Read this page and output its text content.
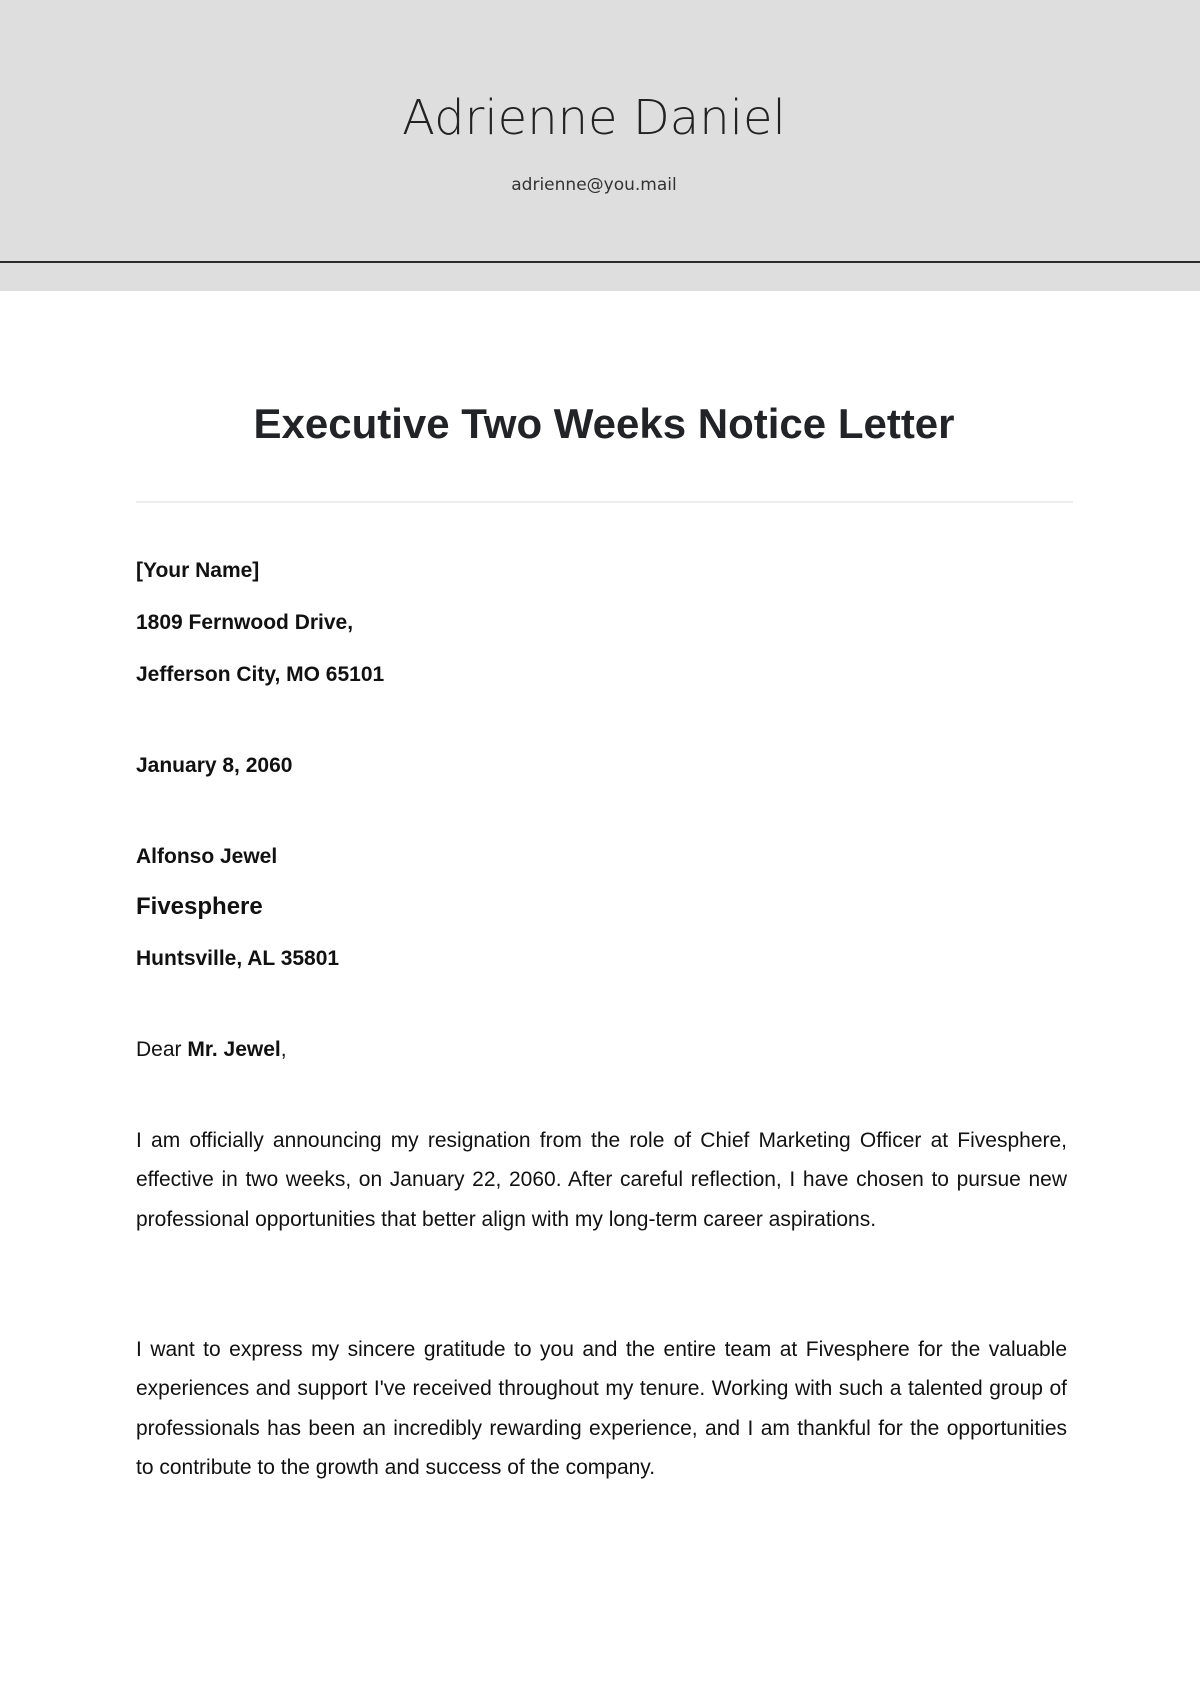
Adrienne Daniel
adrienne@you.mail
Executive Two Weeks Notice Letter
[Your Name]
1809 Fernwood Drive,
Jefferson City, MO 65101
January 8, 2060
Alfonso Jewel
Fivesphere
Huntsville, AL 35801
Dear Mr. Jewel,

I am officially announcing my resignation from the role of Chief Marketing Officer at Fivesphere, effective in two weeks, on January 22, 2060. After careful reflection, I have chosen to pursue new professional opportunities that better align with my long-term career aspirations.

I want to express my sincere gratitude to you and the entire team at Fivesphere for the valuable experiences and support I've received throughout my tenure. Working with such a talented group of professionals has been an incredibly rewarding experience, and I am thankful for the opportunities to contribute to the growth and success of the company.
